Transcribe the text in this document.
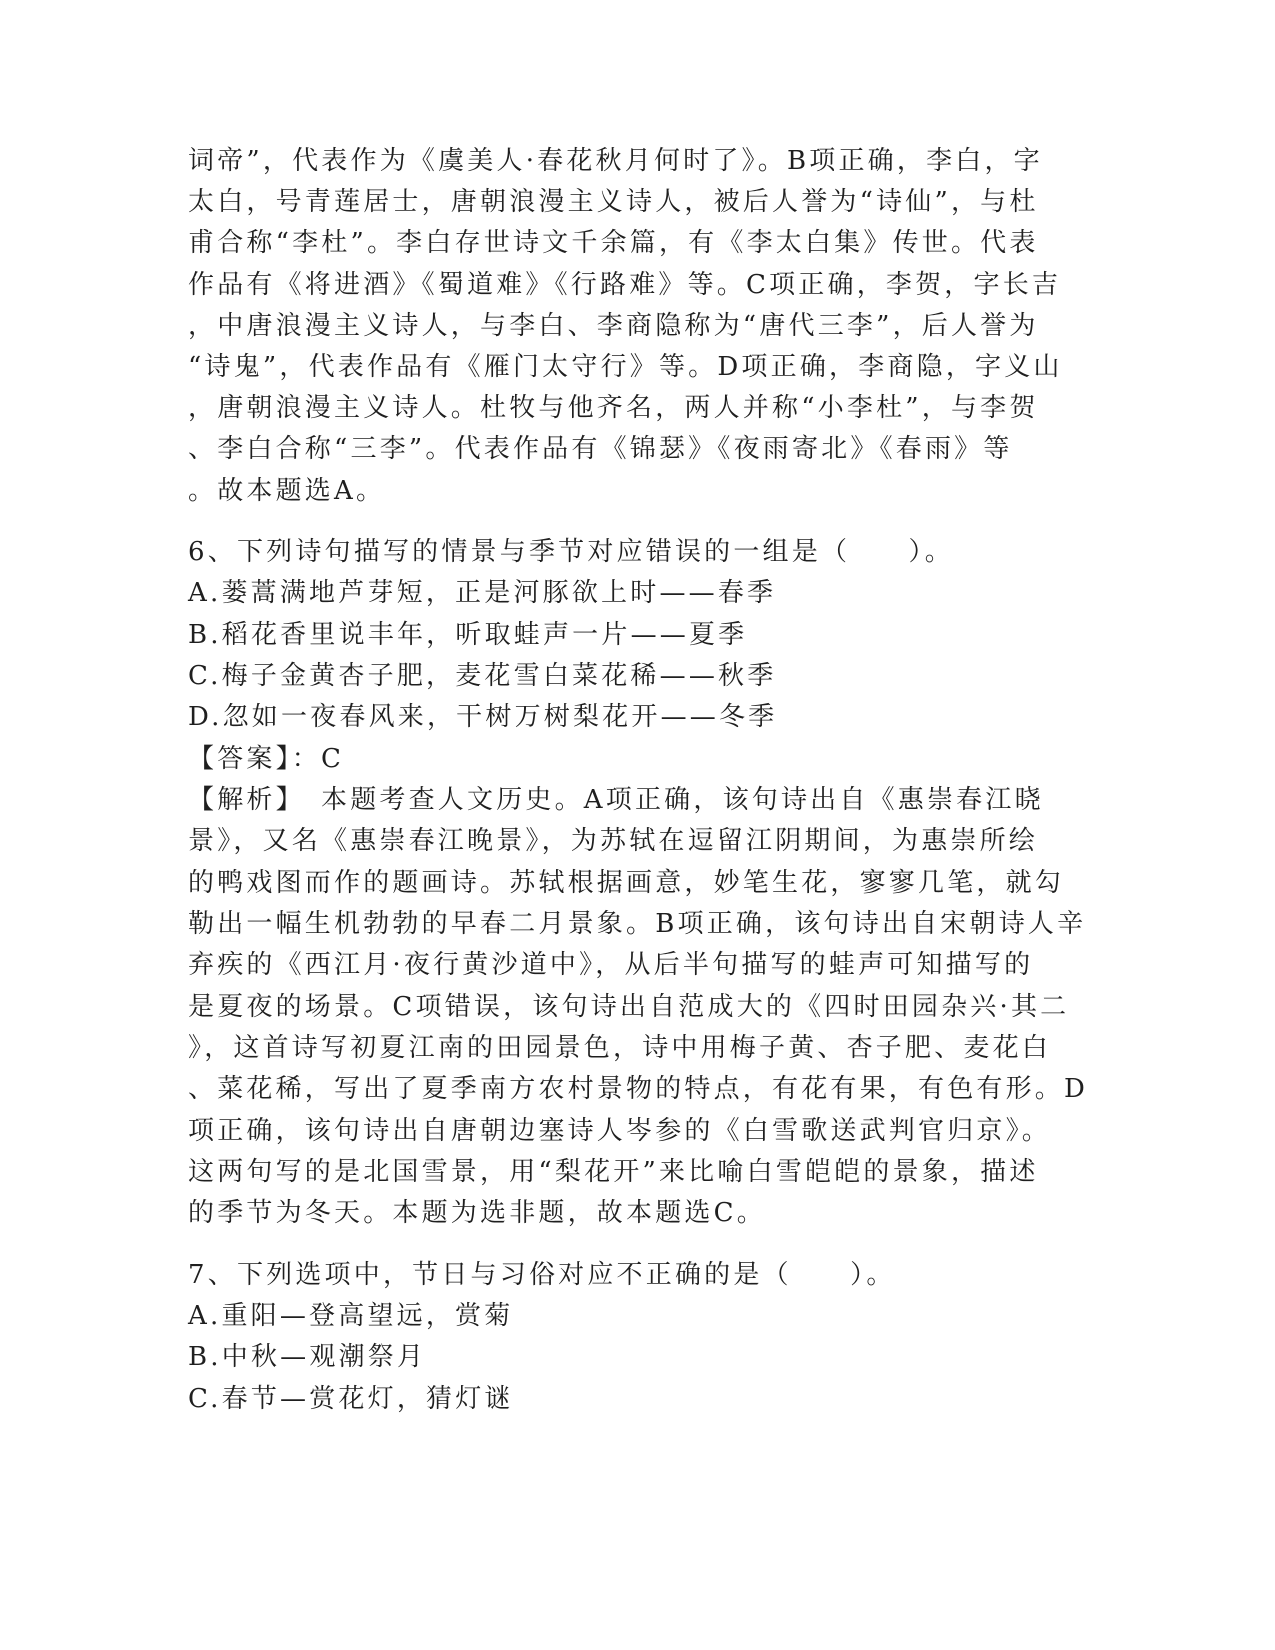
词帝”，代表作为《虞美人·春花秋月何时了》。B项正确，李白，字
太白，号青莲居士，唐朝浪漫主义诗人，被后人誉为“诗仙”，与杜
甫合称“李杜”。李白存世诗文千余篇，有《李太白集》传世。代表
作品有《将进酒》《蜀道难》《行路难》等。C项正确，李贺，字长吉
，中唐浪漫主义诗人，与李白、李商隐称为“唐代三李”，后人誉为
“诗鬼”，代表作品有《雁门太守行》等。D项正确，李商隐，字义山
，唐朝浪漫主义诗人。杜牧与他齐名，两人并称“小李杜”，与李贺
、李白合称“三李”。代表作品有《锦瑟》《夜雨寄北》《春雨》等
。故本题选A。
6、下列诗句描写的情景与季节对应错误的一组是（　　）。
A.蒌蒿满地芦芽短，正是河豚欲上时——春季
B.稻花香里说丰年，听取蛙声一片——夏季
C.梅子金黄杏子肥，麦花雪白菜花稀——秋季
D.忽如一夜春风来，干树万树梨花开——冬季
【答案】：C
【解析】　本题考查人文历史。A项正确，该句诗出自《惠崇春江晓
景》，又名《惠崇春江晚景》，为苏轼在逗留江阴期间，为惠崇所绘
的鸭戏图而作的题画诗。苏轼根据画意，妙笔生花，寥寥几笔，就勾
勒出一幅生机勃勃的早春二月景象。B项正确，该句诗出自宋朝诗人辛
弃疾的《西江月·夜行黄沙道中》，从后半句描写的蛙声可知描写的
是夏夜的场景。C项错误，该句诗出自范成大的《四时田园杂兴·其二
》，这首诗写初夏江南的田园景色，诗中用梅子黄、杏子肥、麦花白
、菜花稀，写出了夏季南方农村景物的特点，有花有果，有色有形。D
项正确，该句诗出自唐朝边塞诗人岑参的《白雪歌送武判官归京》。
这两句写的是北国雪景，用“梨花开”来比喻白雪皑皑的景象，描述
的季节为冬天。本题为选非题，故本题选C。
7、下列选项中，节日与习俗对应不正确的是（　　）。
A.重阳—登高望远，赏菊
B.中秋—观潮祭月
C.春节—赏花灯，猜灯谜
